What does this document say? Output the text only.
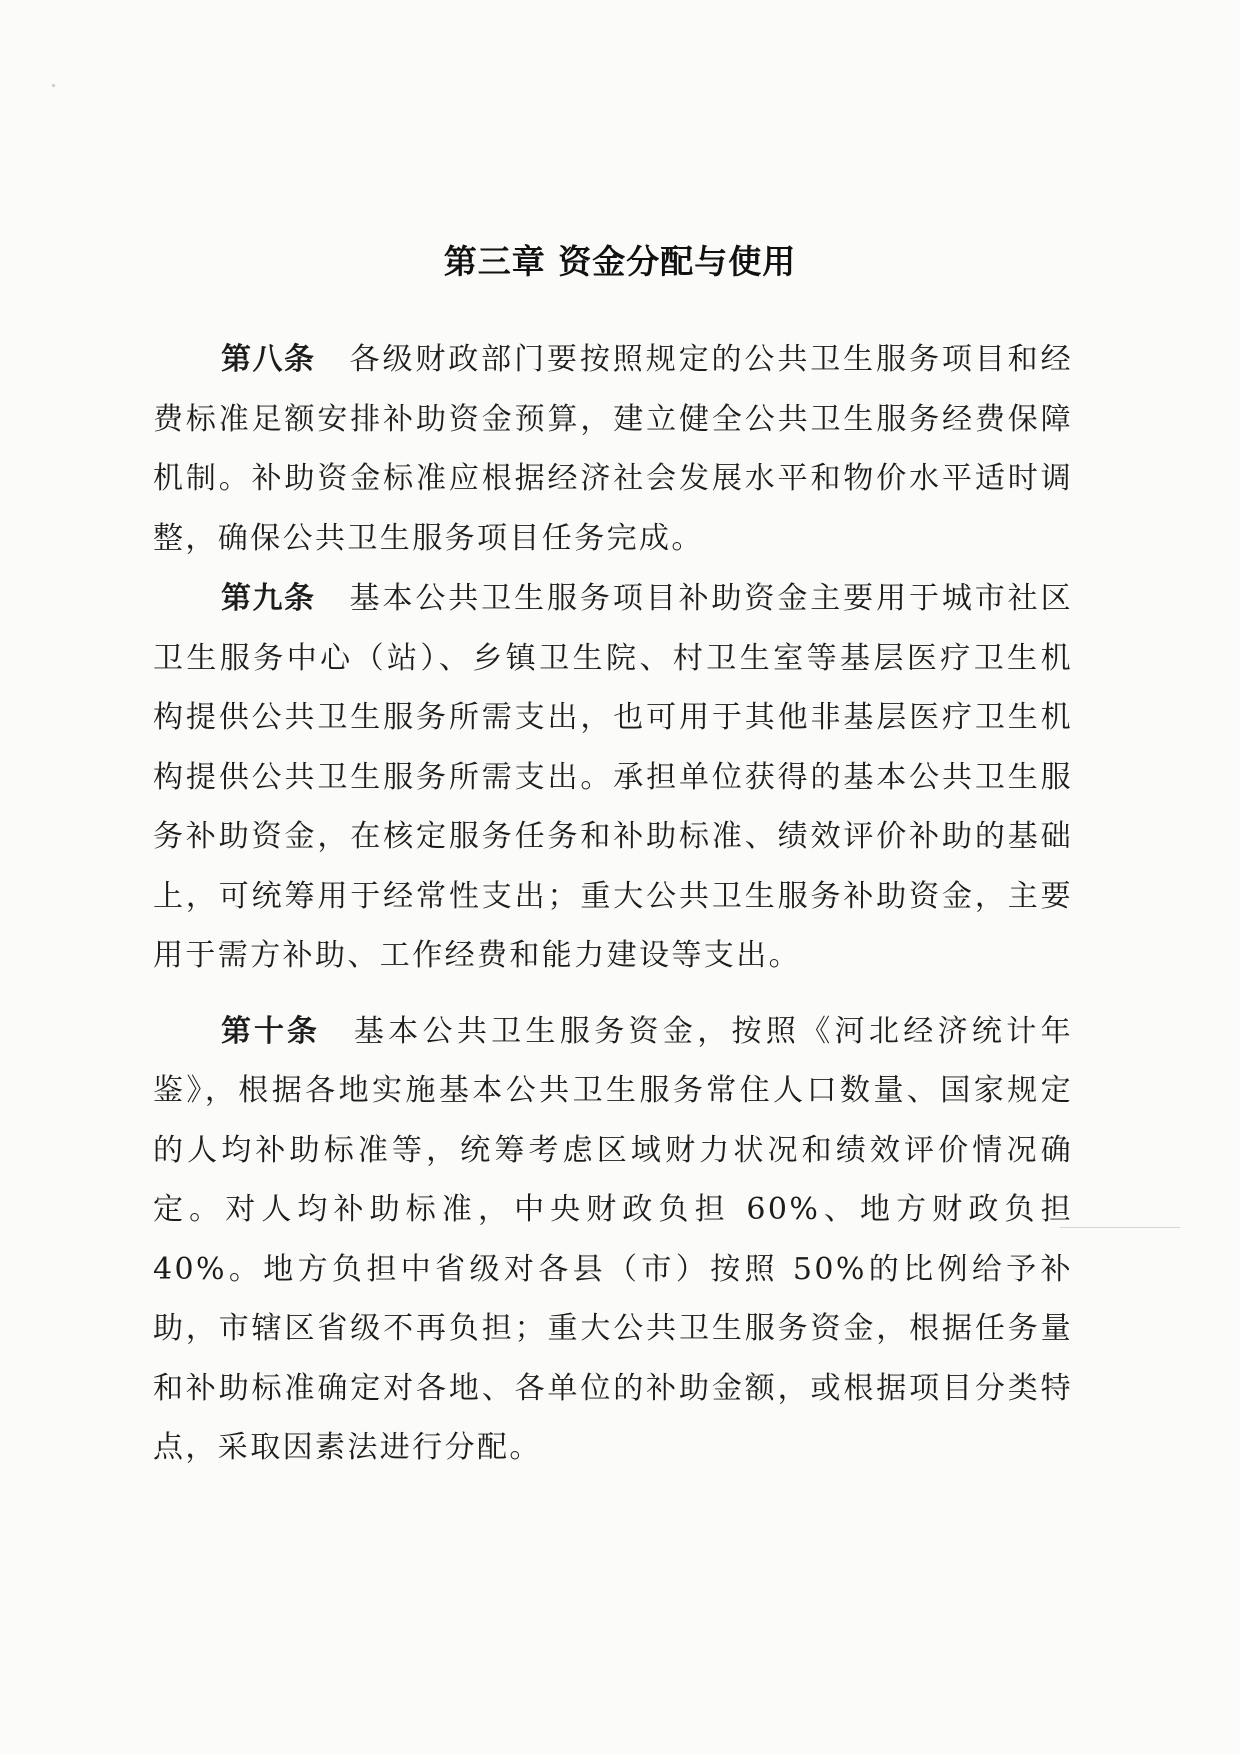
第三章 资金分配与使用

第八条 各级财政部门要按照规定的公共卫生服务项目和经费标准足额安排补助资金预算，建立健全公共卫生服务经费保障机制。补助资金标准应根据经济社会发展水平和物价水平适时调整，确保公共卫生服务项目任务完成。

第九条 基本公共卫生服务项目补助资金主要用于城市社区卫生服务中心（站）、乡镇卫生院、村卫生室等基层医疗卫生机构提供公共卫生服务所需支出，也可用于其他非基层医疗卫生机构提供公共卫生服务所需支出。承担单位获得的基本公共卫生服务补助资金，在核定服务任务和补助标准、绩效评价补助的基础上，可统筹用于经常性支出；重大公共卫生服务补助资金，主要用于需方补助、工作经费和能力建设等支出。

第十条 基本公共卫生服务资金，按照《河北经济统计年鉴》，根据各地实施基本公共卫生服务常住人口数量、国家规定的人均补助标准等，统筹考虑区域财力状况和绩效评价情况确定。对人均补助标准，中央财政负担 60%、地方财政负担 40%。地方负担中省级对各县（市）按照 50%的比例给予补助，市辖区省级不再负担；重大公共卫生服务资金，根据任务量和补助标准确定对各地、各单位的补助金额，或根据项目分类特点，采取因素法进行分配。
